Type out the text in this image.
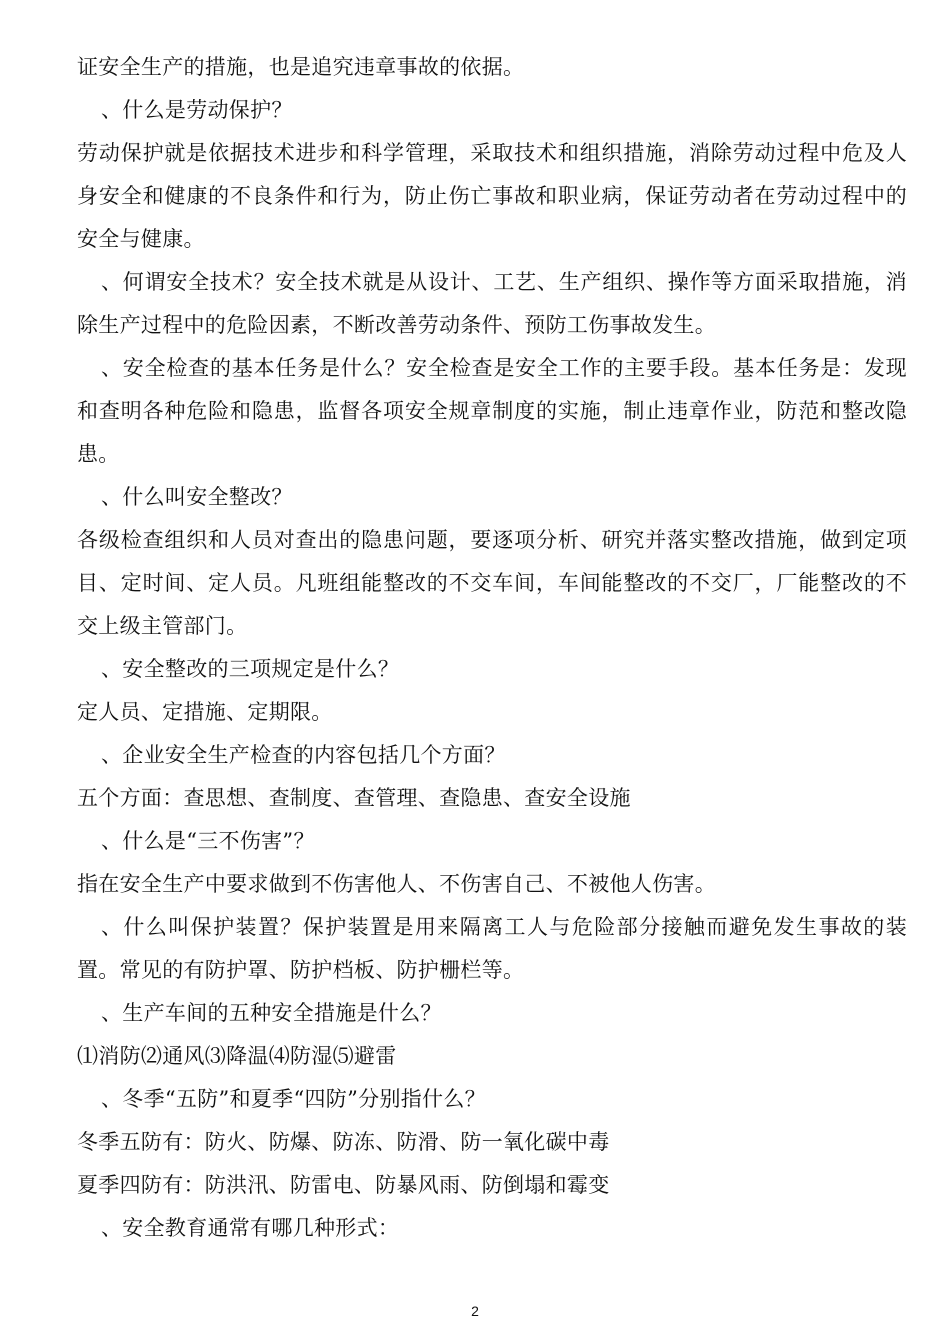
证安全生产的措施，也是追究违章事故的依据。

、什么是劳动保护？

劳动保护就是依据技术进步和科学管理，采取技术和组织措施，消除劳动过程中危及人身安全和健康的不良条件和行为，防止伤亡事故和职业病，保证劳动者在劳动过程中的安全与健康。

、何谓安全技术？安全技术就是从设计、工艺、生产组织、操作等方面采取措施，消除生产过程中的危险因素，不断改善劳动条件、预防工伤事故发生。

、安全检查的基本任务是什么？安全检查是安全工作的主要手段。基本任务是：发现和查明各种危险和隐患，监督各项安全规章制度的实施，制止违章作业，防范和整改隐患。

、什么叫安全整改？

各级检查组织和人员对查出的隐患问题，要逐项分析、研究并落实整改措施，做到定项目、定时间、定人员。凡班组能整改的不交车间，车间能整改的不交厂，厂能整改的不交上级主管部门。

、安全整改的三项规定是什么？

定人员、定措施、定期限。

、企业安全生产检查的内容包括几个方面？

五个方面：查思想、查制度、查管理、查隐患、查安全设施

、什么是“三不伤害”？

指在安全生产中要求做到不伤害他人、不伤害自己、不被他人伤害。

、什么叫保护装置？保护装置是用来隔离工人与危险部分接触而避免发生事故的装置。常见的有防护罩、防护档板、防护栅栏等。

、生产车间的五种安全措施是什么？

⑴消防⑵通风⑶降温⑷防湿⑸避雷

、冬季“五防”和夏季“四防”分别指什么？

冬季五防有：防火、防爆、防冻、防滑、防一氧化碳中毒

夏季四防有：防洪汛、防雷电、防暴风雨、防倒塌和霉变

、安全教育通常有哪几种形式：

2
